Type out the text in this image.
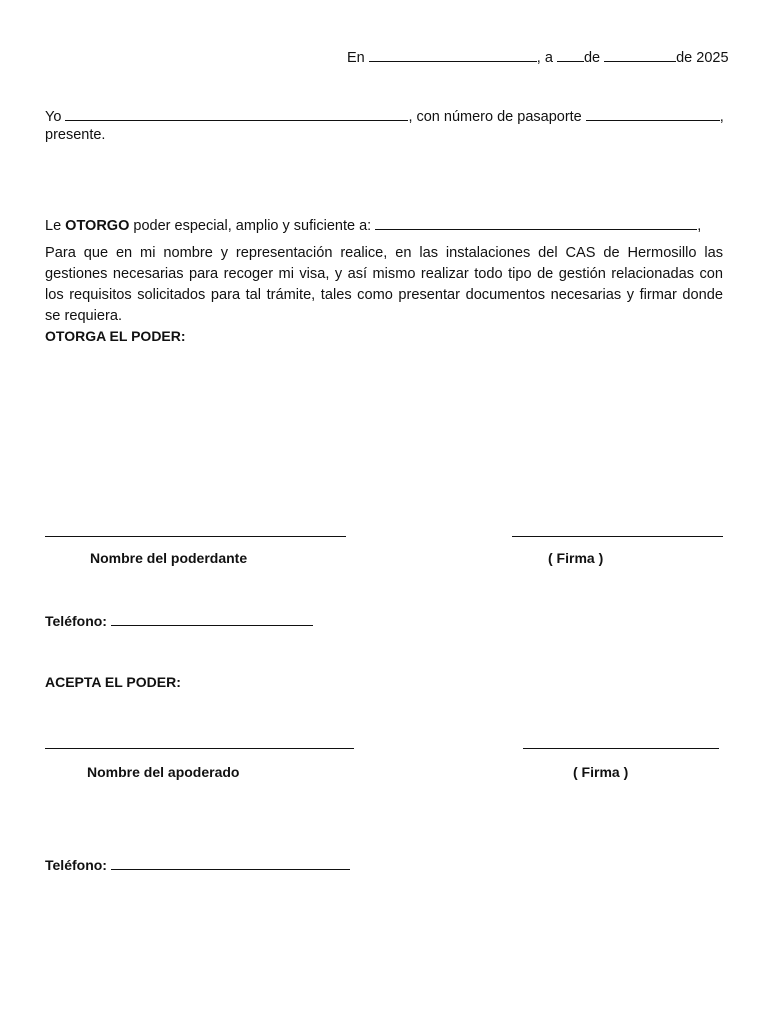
En	, a de	de 2025
Yo	, con número de pasaporte	,
presente.
Le OTORGO poder especial, amplio y suficiente a:	,
Para que en mi nombre y representación realice, en las instalaciones del CAS de Hermosillo las gestiones necesarias para recoger mi visa, y así mismo realizar todo tipo de gestión relacionadas con los requisitos solicitados para tal trámite, tales como presentar documentos necesarias y firmar donde se requiera.
OTORGA EL PODER:
Nombre del poderdante	( Firma )
Teléfono:
ACEPTA EL PODER:
Nombre del apoderado	( Firma )
Teléfono:
